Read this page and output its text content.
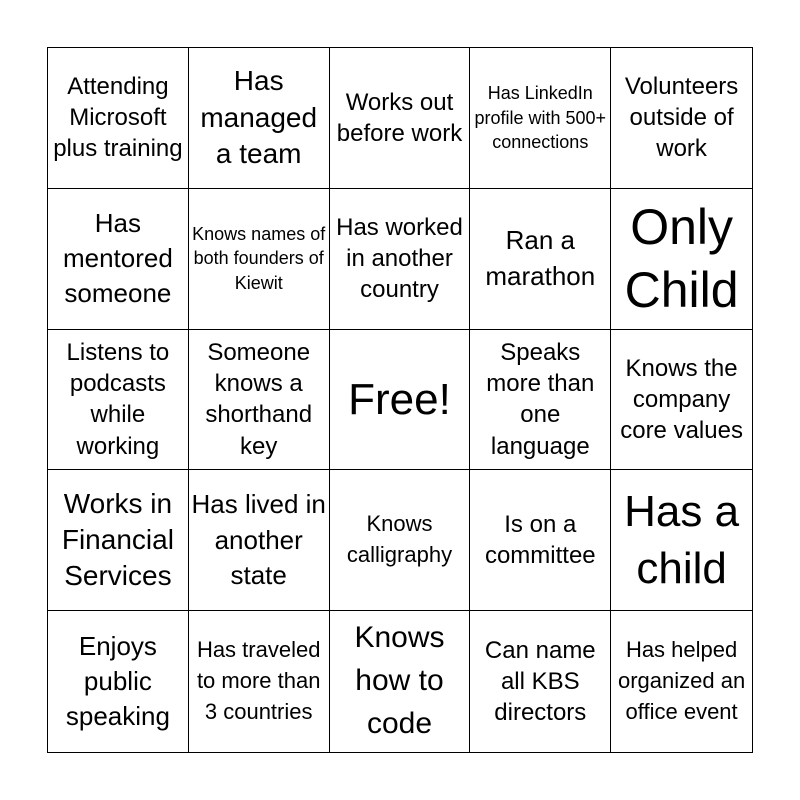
Attending Microsoft plus training
Has managed a team
Works out before work
Has LinkedIn profile with 500+ connections
Volunteers outside of work
Has mentored someone
Knows names of both founders of Kiewit
Has worked in another country
Ran a marathon
Only Child
Listens to podcasts while working
Someone knows a shorthand key
Free!
Speaks more than one language
Knows the company core values
Works in Financial Services
Has lived in another state
Knows calligraphy
Is on a committee
Has a child
Enjoys public speaking
Has traveled to more than 3 countries
Knows how to code
Can name all KBS directors
Has helped organized an office event
